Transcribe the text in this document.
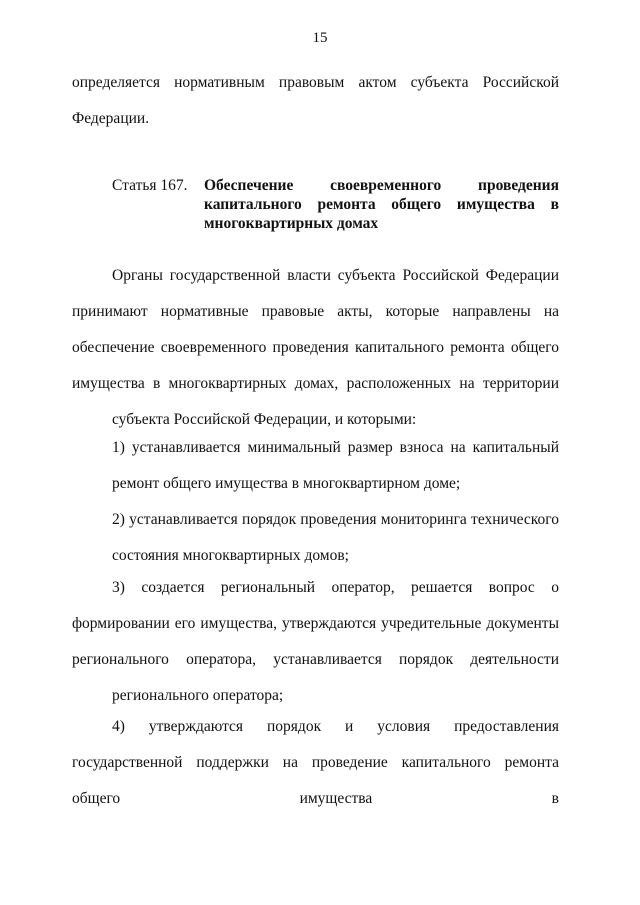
15
определяется нормативным правовым актом субъекта Российской
Федерации.
Статья 167. Обеспечение своевременного проведения капитального ремонта общего имущества в
многоквартирных домах
Органы государственной власти субъекта Российской Федерации принимают нормативные правовые акты, которые направлены на обеспечение своевременного проведения капитального ремонта общего имущества в многоквартирных домах, расположенных на территории
субъекта Российской Федерации, и которыми:
1) устанавливается минимальный размер взноса на капитальный
ремонт общего имущества в многоквартирном доме;
2) устанавливается порядок проведения мониторинга технического
состояния многоквартирных домов;
3) создается региональный оператор, решается вопрос о формировании его имущества, утверждаются учредительные документы регионального оператора, устанавливается порядок деятельности
регионального оператора;
4) утверждаются порядок и условия предоставления государственной поддержки на проведение капитального ремонта общего имущества в
